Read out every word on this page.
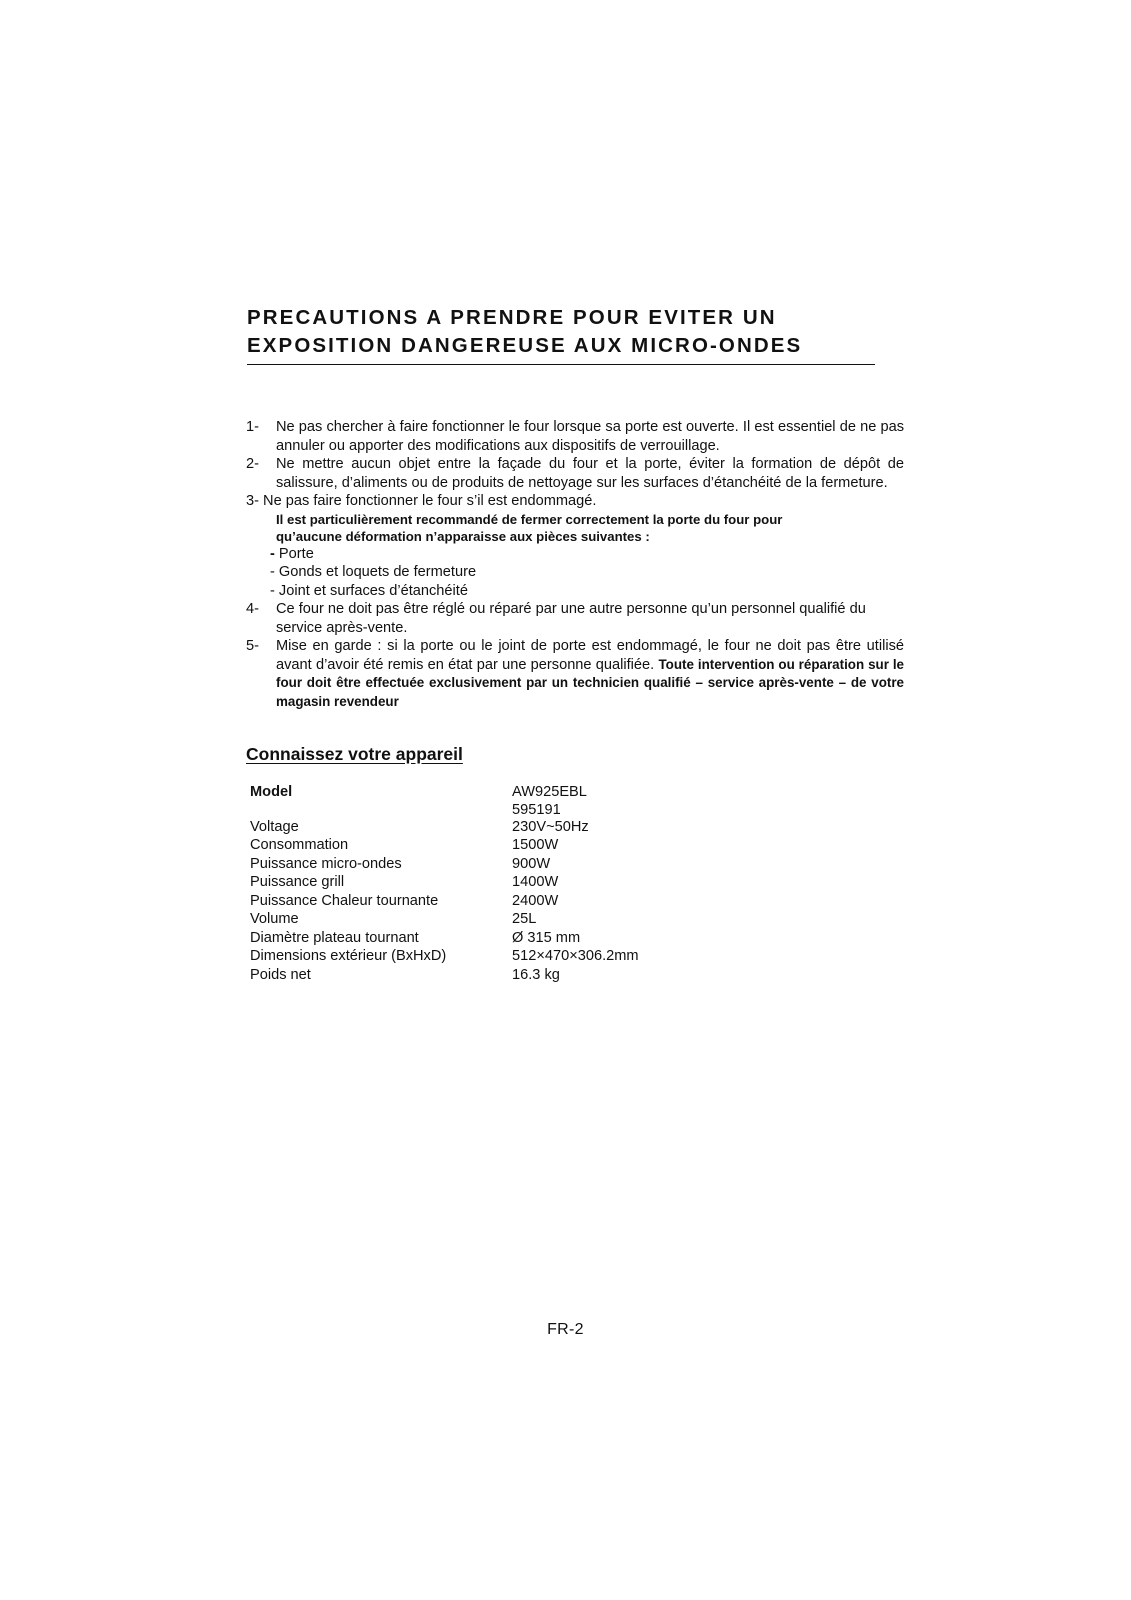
PRECAUTIONS A PRENDRE POUR EVITER UN
EXPOSITION DANGEREUSE AUX MICRO-ONDES
1- Ne pas chercher à faire fonctionner le four lorsque sa porte est ouverte. Il est essentiel de ne pas annuler ou apporter des modifications aux dispositifs de verrouillage.
2- Ne mettre aucun objet entre la façade du four et la porte, éviter la formation de dépôt de salissure, d’aliments ou de produits de nettoyage sur les surfaces d’étanchéité de la fermeture.
3- Ne pas faire fonctionner le four s’il est endommagé.
Il est particulièrement recommandé de fermer correctement la porte du four pour
qu’aucune déformation n’apparaisse aux pièces suivantes :
- Porte
- Gonds et loquets de fermeture
- Joint et surfaces d’étanchéité
4- Ce four ne doit pas être réglé ou réparé par une autre personne qu’un personnel qualifié du service après-vente.
5- Mise en garde : si la porte ou le joint de porte est endommagé, le four ne doit pas être utilisé avant d’avoir été remis en état par une personne qualifiée. Toute intervention ou réparation sur le four doit être effectuée exclusivement par un technicien qualifié – service après-vente – de votre magasin revendeur
Connaissez votre appareil
Model	AW925EBL
595191
Voltage	230V~50Hz
Consommation	1500W
Puissance micro-ondes	900W
Puissance grill	1400W
Puissance Chaleur tournante	2400W
Volume	25L
Diamètre plateau tournant	Ø 315 mm
Dimensions extérieur (BxHxD)	512×470×306.2mm
Poids net	16.3 kg
FR-2
